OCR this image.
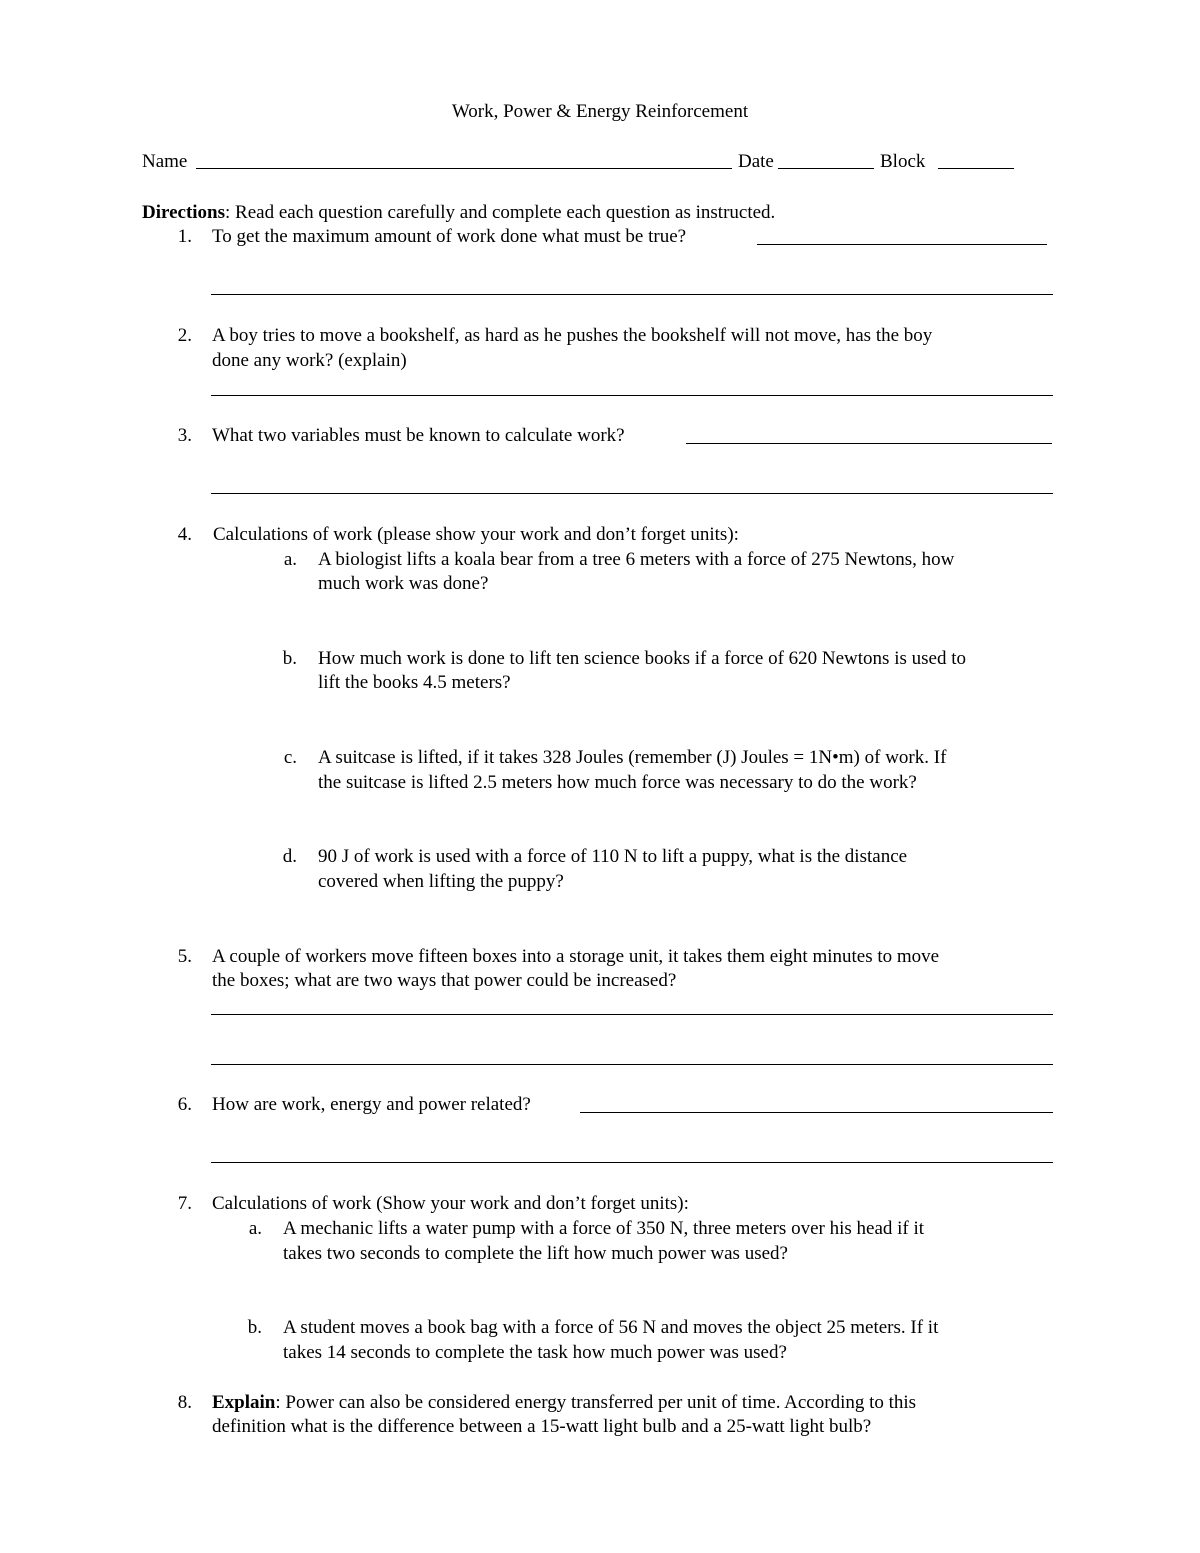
Work, Power & Energy Reinforcement
Name	Date	Block
Directions: Read each question carefully and complete each question as instructed.
1. To get the maximum amount of work done what must be true?
2. A boy tries to move a bookshelf, as hard as he pushes the bookshelf will not move, has the boy
done any work? (explain)
3. What two variables must be known to calculate work?
4. Calculations of work (please show your work and don’t forget units):
a. A biologist lifts a koala bear from a tree 6 meters with a force of 275 Newtons, how
much work was done?
b. How much work is done to lift ten science books if a force of 620 Newtons is used to
lift the books 4.5 meters?
c. A suitcase is lifted, if it takes 328 Joules (remember (J) Joules = 1N•m) of work. If
the suitcase is lifted 2.5 meters how much force was necessary to do the work?
d. 90 J of work is used with a force of 110 N to lift a puppy, what is the distance
covered when lifting the puppy?
5. A couple of workers move fifteen boxes into a storage unit, it takes them eight minutes to move
the boxes; what are two ways that power could be increased?
6. How are work, energy and power related?
7. Calculations of work (Show your work and don’t forget units):
a. A mechanic lifts a water pump with a force of 350 N, three meters over his head if it
takes two seconds to complete the lift how much power was used?
b. A student moves a book bag with a force of 56 N and moves the object 25 meters. If it
takes 14 seconds to complete the task how much power was used?
8. Explain: Power can also be considered energy transferred per unit of time. According to this
definition what is the difference between a 15-watt light bulb and a 25-watt light bulb?
